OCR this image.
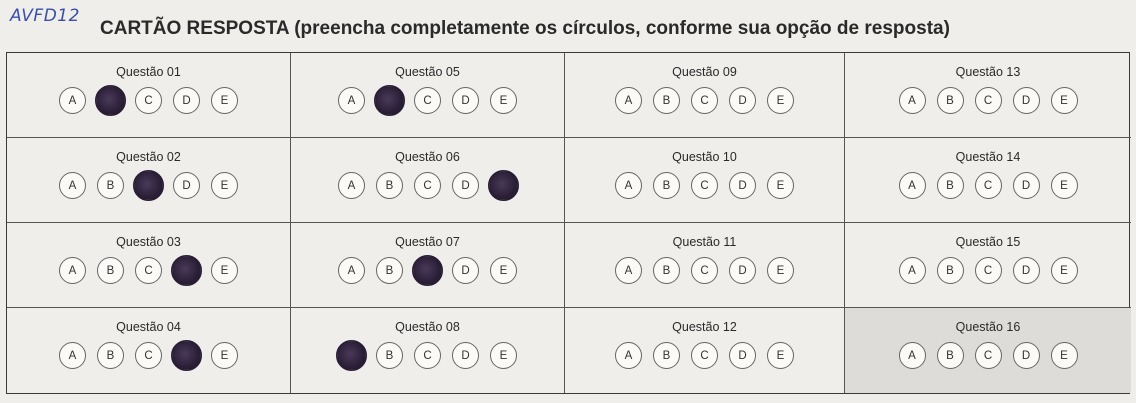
AVFD12
CARTÃO RESPOSTA (preencha completamente os círculos, conforme sua opção de resposta)
Questão 01
A	C	D	E
Questão 05
A	C	D	E
Questão 09
A	B	C	D	E
Questão 13
A	B	C	D	E
Questão 02
A	B	D	E
Questão 06
A	B	C	D
Questão 10
A	B	C	D	E
Questão 14
A	B	C	D	E
Questão 03
A	B	C	E
Questão 07
A	B	D	E
Questão 11
A	B	C	D	E
Questão 15
A	B	C	D	E
Questão 04
A	B	C	E
Questão 08
B	C	D	E
Questão 12
A	B	C	D	E
Questão 16
A	B	C	D	E
